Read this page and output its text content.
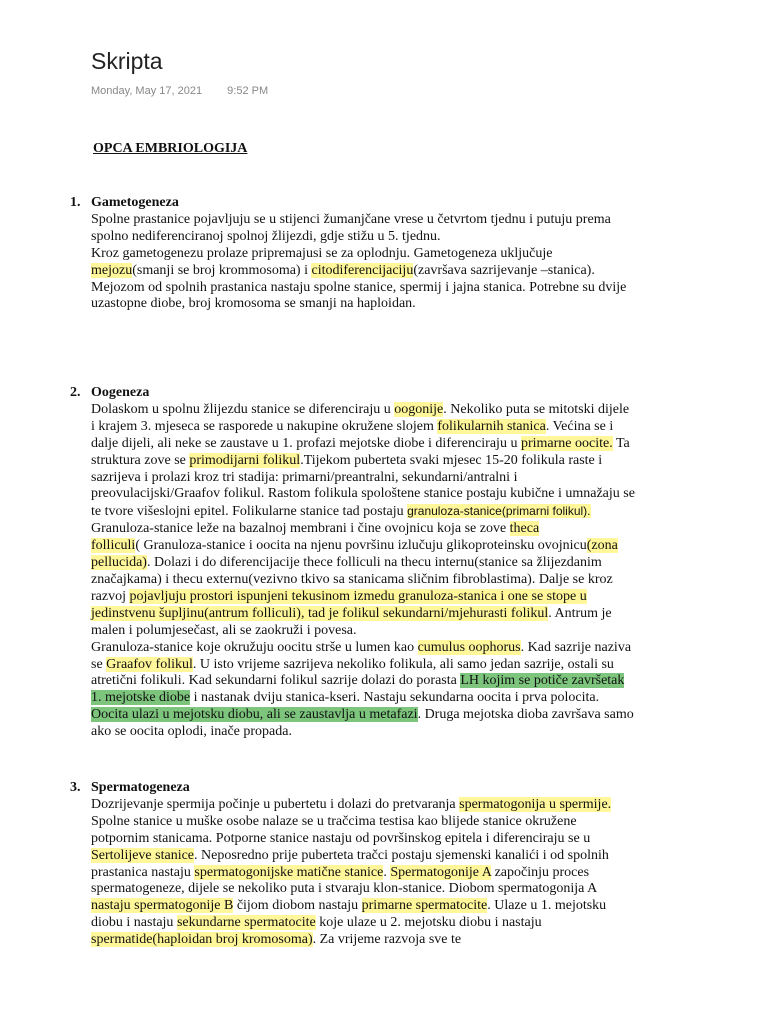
Skripta
Monday, May 17, 2021 9:52 PM
OPCA EMBRIOLOGIJA
1. Gametogeneza
Spolne prastanice pojavljuju se u stijenci žumanjčane vrese u četvrtom tjednu i putuju prema
spolno nediferenciranoj spolnoj žlijezdi, gdje stižu u 5. tjednu.
Kroz gametogenezu prolaze pripremajusi se za oplodnju. Gametogeneza uključuje
mejozu(smanji se broj krommosoma) i citodiferencijaciju(završava sazrijevanje –stanica).
Mejozom od spolnih prastanica nastaju spolne stanice, spermij i jajna stanica. Potrebne su dvije
uzastopne diobe, broj kromosoma se smanji na haploidan.
2. Oogeneza
Dolaskom u spolnu žlijezdu stanice se diferenciraju u oogonije. Nekoliko puta se mitotski dijele
i krajem 3. mjeseca se rasporede u nakupine okružene slojem folikularnih stanica. Većina se i
dalje dijeli, ali neke se zaustave u 1. profazi mejotske diobe i diferenciraju u primarne oocite. Ta
struktura zove se primodijarni folikul.Tijekom puberteta svaki mjesec 15-20 folikula raste i
sazrijeva i prolazi kroz tri stadija: primarni/preantralni, sekundarni/antralni i
preovulacijski/Graafov folikul. Rastom folikula spološtene stanice postaju kubične i umnažaju se
te tvore višeslojni epitel. Folikularne stanice tad postaju granuloza-stanice(primarni folikul).
Granuloza-stanice leže na bazalnoj membrani i čine ovojnicu koja se zove theca
folliculi( Granuloza-stanice i oocita na njenu površinu izlučuju glikoproteinsku ovojnicu(zona
pellucida). Dolazi i do diferencijacije thece folliculi na thecu internu(stanice sa žlijezdanim
značajkama) i thecu externu(vezivno tkivo sa stanicama sličnim fibroblastima). Dalje se kroz
razvoj pojavljuju prostori ispunjeni tekusinom izmedu granuloza-stanica i one se stope u
jedinstvenu šupljinu(antrum folliculi), tad je folikul sekundarni/mjehurasti folikul. Antrum je
malen i polumjesečast, ali se zaokruži i povesa.
Granuloza-stanice koje okružuju oocitu strše u lumen kao cumulus oophorus. Kad sazrije naziva
se Graafov folikul. U isto vrijeme sazrijeva nekoliko folikula, ali samo jedan sazrije, ostali su
atretični folikuli. Kad sekundarni folikul sazrije dolazi do porasta LH kojim se potiče završetak
1. mejotske diobe i nastanak dviju stanica-kseri. Nastaju sekundarna oocita i prva polocita.
Oocita ulazi u mejotsku diobu, ali se zaustavlja u metafazi. Druga mejotska dioba završava samo
ako se oocita oplodi, inače propada.
3. Spermatogeneza
Dozrijevanje spermija počinje u pubertetu i dolazi do pretvaranja spermatogonija u spermije.
Spolne stanice u muške osobe nalaze se u tračcima testisa kao blijede stanice okružene
potpornim stanicama. Potporne stanice nastaju od površinskog epitela i diferenciraju se u
Sertolijeve stanice. Neposredno prije puberteta tračci postaju sjemenski kanalići i od spolnih
prastanica nastaju spermatogonijske matične stanice. Spermatogonije A započinju proces
spermatogeneze, dijele se nekoliko puta i stvaraju klon-stanice. Diobom spermatogonija A
nastaju spermatogonije B čijom diobom nastaju primarne spermatocite. Ulaze u 1. mejotsku
diobu i nastaju sekundarne spermatocite koje ulaze u 2. mejotsku diobu i nastaju
spermatide(haploidan broj kromosoma). Za vrijeme razvoja sve te
